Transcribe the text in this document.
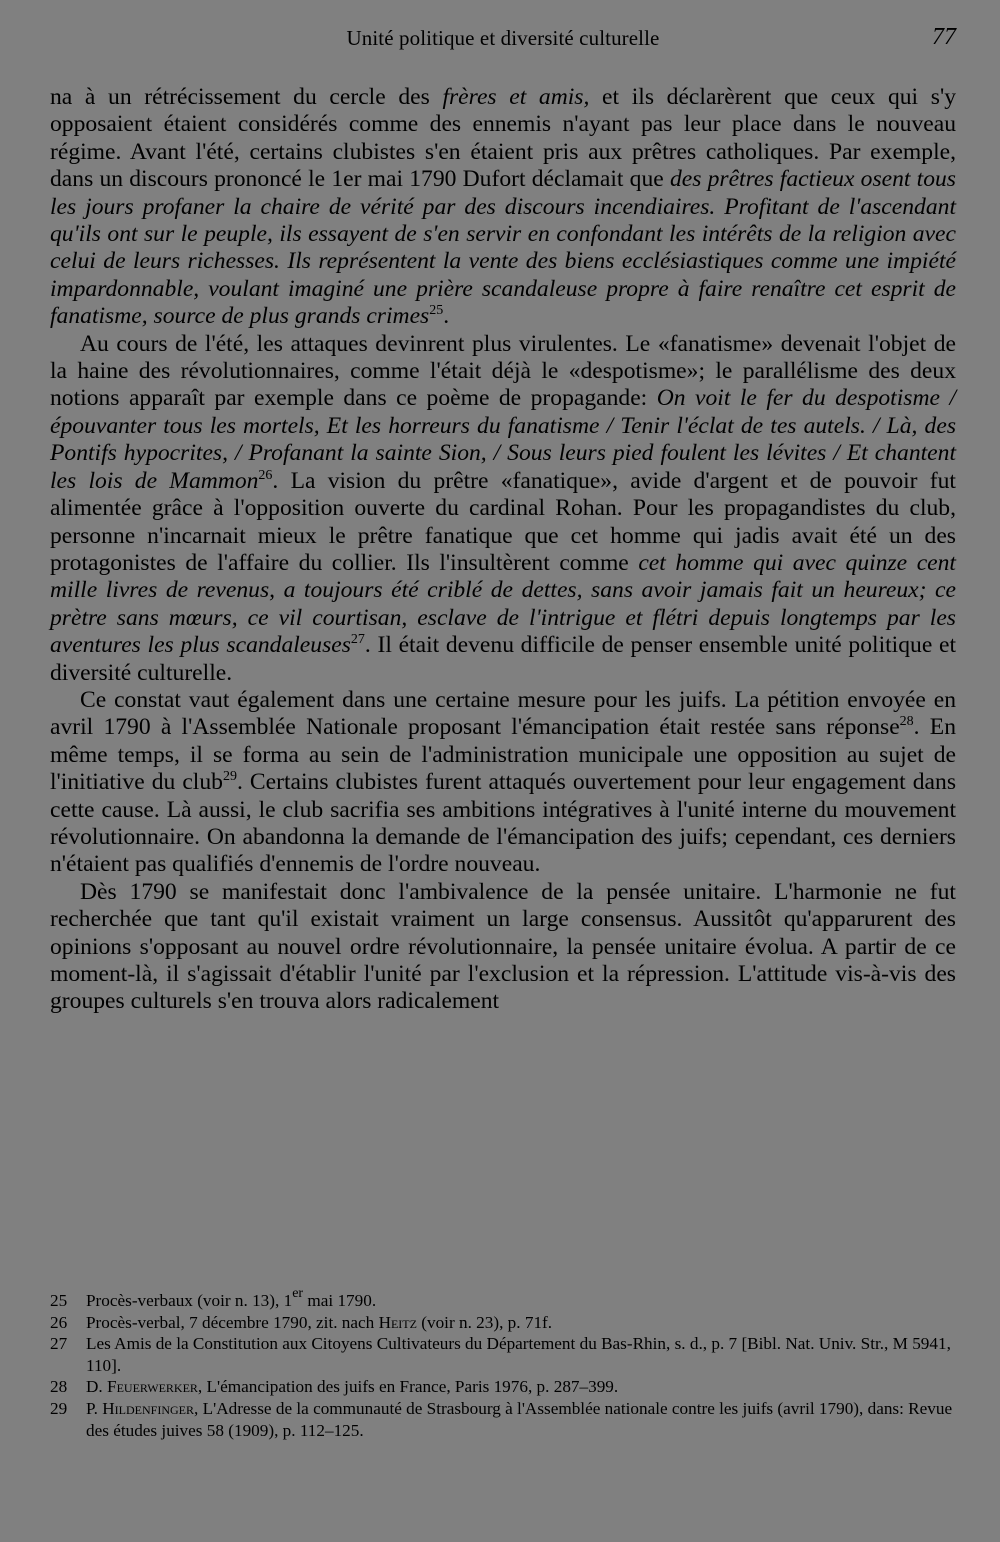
Unité politique et diversité culturelle	77

na à un rétrécissement du cercle des frères et amis, et ils déclarèrent que ceux qui s'y opposaient étaient considérés comme des ennemis n'ayant pas leur place dans le nouveau régime. Avant l'été, certains clubistes s'en étaient pris aux prêtres catholiques. Par exemple, dans un discours prononcé le 1er mai 1790 Dufort déclamait que des prêtres factieux osent tous les jours profaner la chaire de vérité par des discours incendiaires. Profitant de l'ascendant qu'ils ont sur le peuple, ils essayent de s'en servir en confondant les intérêts de la religion avec celui de leurs richesses. Ils représentent la vente des biens ecclésiastiques comme une impiété impardonnable, voulant imaginé une prière scandaleuse propre à faire renaître cet esprit de fanatisme, source de plus grands crimes$^{25}$.

Au cours de l'été, les attaques devinrent plus virulentes. Le «fanatisme» devenait l'objet de la haine des révolutionnaires, comme l'était déjà le «despotisme»; le parallélisme des deux notions apparaît par exemple dans ce poème de propagande: On voit le fer du despotisme / épouvanter tous les mortels, Et les horreurs du fanatisme / Tenir l'éclat de tes autels. / Là, des Pontifs hypocrites, / Profanant la sainte Sion, / Sous leurs pied foulent les lévites / Et chantent les lois de Mammon$^{26}$. La vision du prêtre «fanatique», avide d'argent et de pouvoir fut alimentée grâce à l'opposition ouverte du cardinal Rohan. Pour les propagandistes du club, personne n'incarnait mieux le prêtre fanatique que cet homme qui jadis avait été un des protagonistes de l'affaire du collier. Ils l'insultèrent comme cet homme qui avec quinze cent mille livres de revenus, a toujours été criblé de dettes, sans avoir jamais fait un heureux; ce prètre sans mœurs, ce vil courtisan, esclave de l'intrigue et flétri depuis longtemps par les aventures les plus scandaleuses$^{27}$. Il était devenu difficile de penser ensemble unité politique et diversité culturelle.

Ce constat vaut également dans une certaine mesure pour les juifs. La pétition envoyée en avril 1790 à l'Assemblée Nationale proposant l'émancipation était restée sans réponse$^{28}$. En même temps, il se forma au sein de l'administration municipale une opposition au sujet de l'initiative du club$^{29}$. Certains clubistes furent attaqués ouvertement pour leur engagement dans cette cause. Là aussi, le club sacrifia ses ambitions intégratives à l'unité interne du mouvement révolutionnaire. On abandonna la demande de l'émancipation des juifs; cependant, ces derniers n'étaient pas qualifiés d'ennemis de l'ordre nouveau.

Dès 1790 se manifestait donc l'ambivalence de la pensée unitaire. L'harmonie ne fut recherchée que tant qu'il existait vraiment un large consensus. Aussitôt qu'apparurent des opinions s'opposant au nouvel ordre révolutionnaire, la pensée unitaire évolua. A partir de ce moment-là, il s'agissait d'établir l'unité par l'exclusion et la répression. L'attitude vis-à-vis des groupes culturels s'en trouva alors radicalement

25	Procès-verbaux (voir n. 13), 1er mai 1790.
26	Procès-verbal, 7 décembre 1790, zit. nach Heitz (voir n. 23), p. 71f.
27	Les Amis de la Constitution aux Citoyens Cultivateurs du Département du Bas-Rhin, s. d., p. 7 [Bibl. Nat. Univ. Str., M 5941, 110].
28	D. Feuerwerker, L'émancipation des juifs en France, Paris 1976, p. 287–399.
29	P. Hildenfinger, L'Adresse de la communauté de Strasbourg à l'Assemblée nationale contre les juifs (avril 1790), dans: Revue des études juives 58 (1909), p. 112–125.
